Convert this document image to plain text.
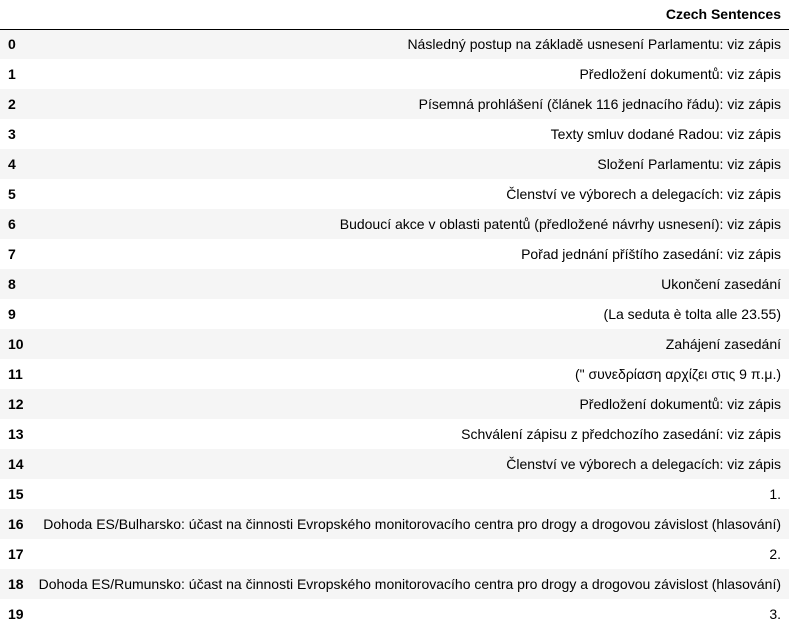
	Czech Sentences
0	Následný postup na základě usnesení Parlamentu: viz zápis
1	Předložení dokumentů: viz zápis
2	Písemná prohlášení (článek 116 jednacího řádu): viz zápis
3	Texty smluv dodané Radou: viz zápis
4	Složení Parlamentu: viz zápis
5	Členství ve výborech a delegacích: viz zápis
6	Budoucí akce v oblasti patentů (předložené návrhy usnesení): viz zápis
7	Pořad jednání příštího zasedání: viz zápis
8	Ukončení zasedání
9	(La seduta è tolta alle 23.55)
10	Zahájení zasedání
11	(" συνεδρίαση αρχίζει στις 9 π.μ.)
12	Předložení dokumentů: viz zápis
13	Schválení zápisu z předchozího zasedání: viz zápis
14	Členství ve výborech a delegacích: viz zápis
15	1.
16	Dohoda ES/Bulharsko: účast na činnosti Evropského monitorovacího centra pro drogy a drogovou závislost (hlasování)
17	2.
18	Dohoda ES/Rumunsko: účast na činnosti Evropského monitorovacího centra pro drogy a drogovou závislost (hlasování)
19	3.
